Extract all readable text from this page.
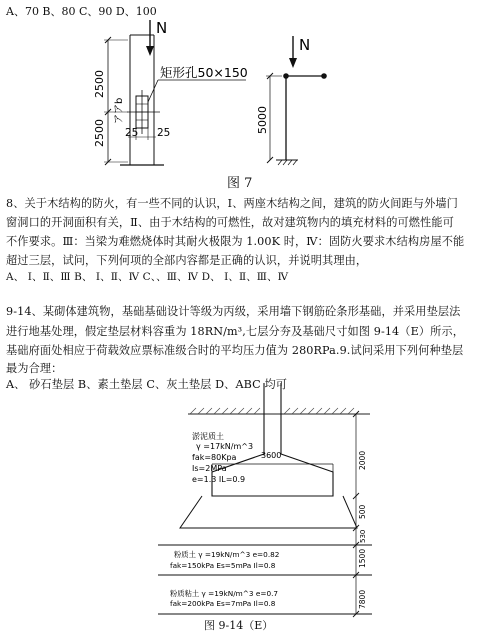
A、70 B、80 C、90 D、100
N
矩形孔50×150
2500
2500
アアb
25 25
N
5000
图 7
8、关于木结构的防火，有一些不同的认识，Ⅰ、两座木结构之间，建筑的防火间距与外墙门
窗洞口的开洞面积有关，Ⅱ、由于木结构的可燃性，故对建筑物内的填充材料的可燃性能可
不作要求。Ⅲ：当梁为难燃烧体时其耐火极限为 1.00K 时，Ⅳ：固防火要求木结构房屋不能
超过三层，试问，下列何项的全部内容都是正确的认识，并说明其理由，
A、 Ⅰ、Ⅱ、Ⅲ B、 Ⅰ、Ⅱ、Ⅳ C、、Ⅲ、Ⅳ D、 Ⅰ、Ⅱ、Ⅲ、Ⅳ
9-14、某砌体建筑物，基础基础设计等级为丙级，采用墙下钢筋砼条形基础，并采用垫层法
进行地基处理，假定垫层材料容重为 18RN/m³,七层分夯及基础尺寸如图 9-14（E）所示，
基础府面处相应于荷载效应票标准级合时的平均压力值为 280RPa.9.试问采用下列何种垫层
最为合理：
A、 砂石垫层 B、素土垫层 C、灰土垫层 D、ABC 均可
3600	2000
500
530
1500
7800
淤泥质土
γ =17kN/m^3
fak=80Kpa
Is=2MPa
e=1.3 IL=0.9
粉质土 γ =19kN/m^3 e=0.82
fak=150kPa Es=5mPa Il=0.8
粉质粘土 γ =19kN/m^3 e=0.7
fak=200kPa Es=7mPa Il=0.8
图 9-14（E）
